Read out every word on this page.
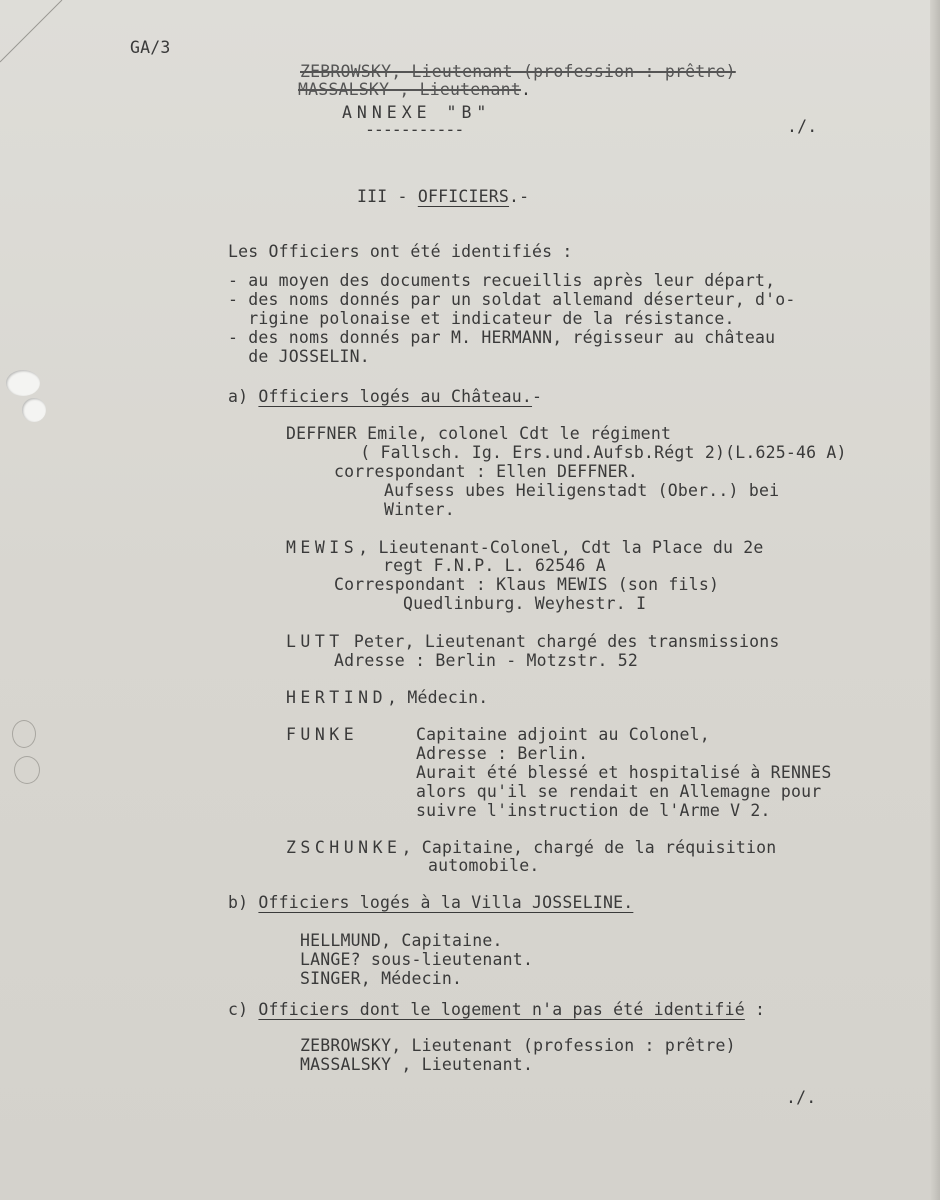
GA/3
ZEBROWSKY, Lieutenant (profession : prêtre)
MASSALSKY , Lieutenant.
ANNEXE "B"
-----------	./.
III - OFFICIERS.-
Les Officiers ont été identifiés :
- au moyen des documents recueillis après leur départ,
- des noms donnés par un soldat allemand déserteur, d'o-
rigine polonaise et indicateur de la résistance.
- des noms donnés par M. HERMANN, régisseur au château
de JOSSELIN.
a) Officiers logés au Château.-
DEFFNER Emile, colonel Cdt le régiment
( Fallsch. Ig. Ers.und.Aufsb.Régt 2)(L.625-46 A)
correspondant : Ellen DEFFNER.
Aufsess ubes Heiligenstadt (Ober..) bei
Winter.
MEWIS, Lieutenant-Colonel, Cdt la Place du 2e
regt F.N.P. L. 62546 A
Correspondant : Klaus MEWIS (son fils)
Quedlinburg. Weyhestr. I
LUTT Peter, Lieutenant chargé des transmissions
Adresse : Berlin - Motzstr. 52
HERTIND, Médecin.
FUNKE	Capitaine adjoint au Colonel,
Adresse : Berlin.
Aurait été blessé et hospitalisé à RENNES
alors qu'il se rendait en Allemagne pour
suivre l'instruction de l'Arme V 2.
ZSCHUNKE, Capitaine, chargé de la réquisition
automobile.
b) Officiers logés à la Villa JOSSELINE.
HELLMUND, Capitaine.
LANGE? sous-lieutenant.
SINGER, Médecin.
c) Officiers dont le logement n'a pas été identifié :
ZEBROWSKY, Lieutenant (profession : prêtre)
MASSALSKY , Lieutenant.
./.
